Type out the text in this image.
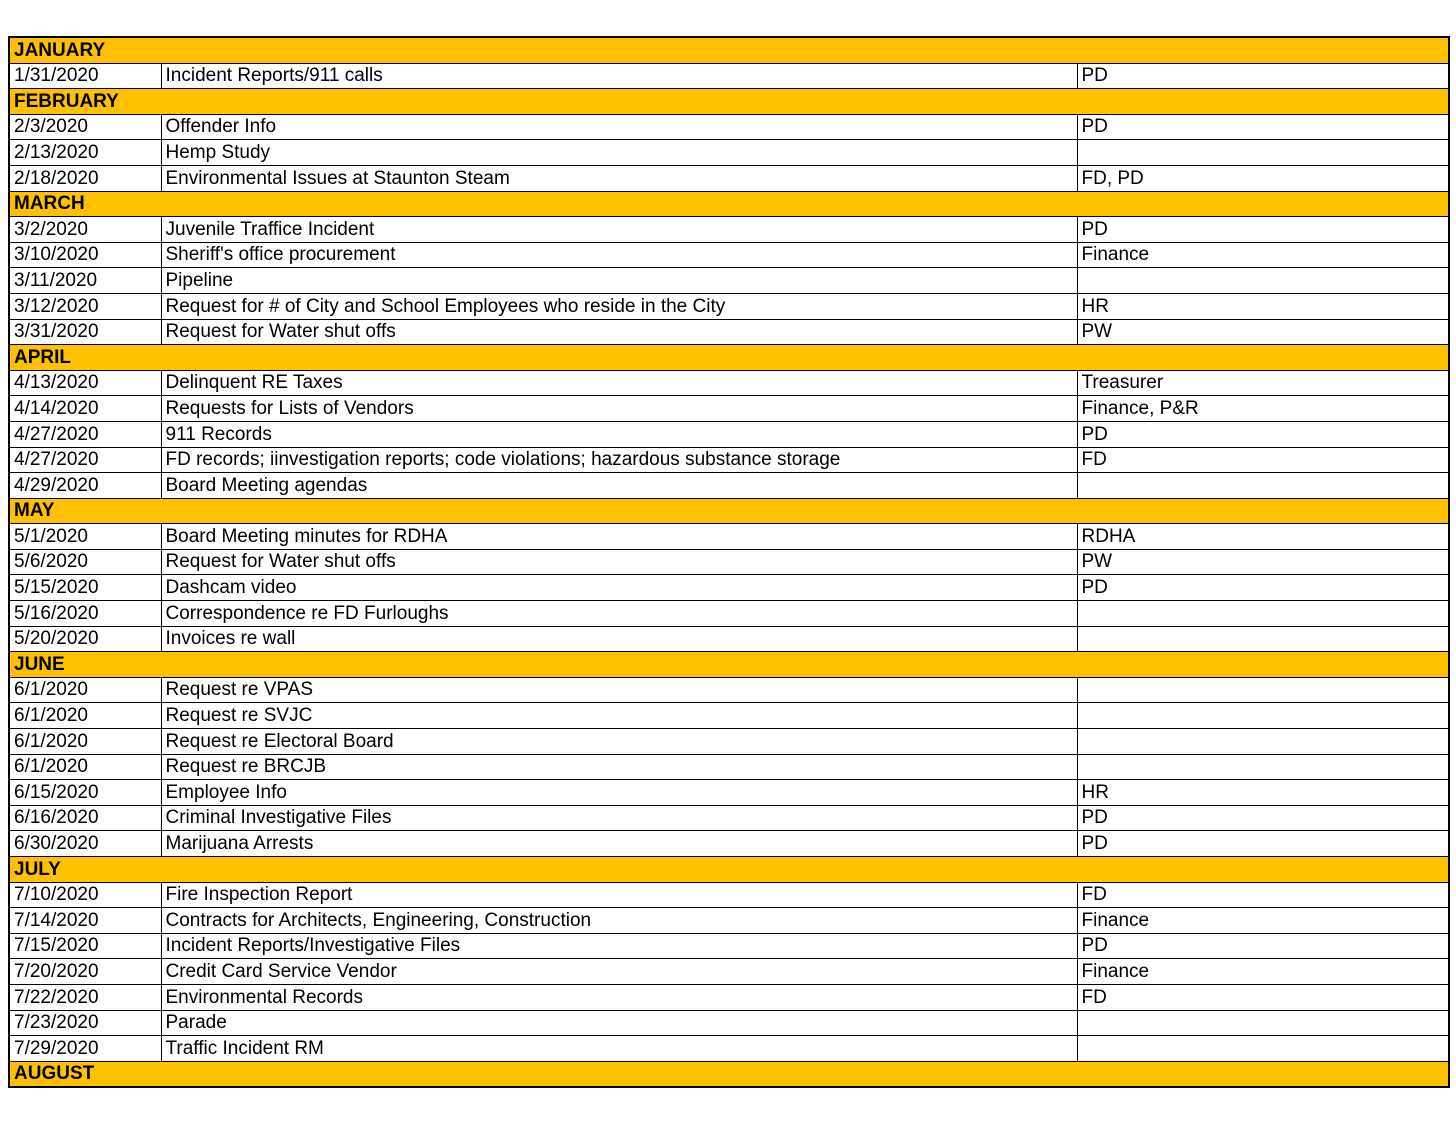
JANUARY		
1/31/2020	Incident Reports/911 calls	PD
FEBRUARY		
2/3/2020	Offender Info	PD
2/13/2020	Hemp Study	
2/18/2020	Environmental Issues at Staunton Steam	FD, PD
MARCH		
3/2/2020	Juvenile Traffice Incident	PD
3/10/2020	Sheriff's office procurement	Finance
3/11/2020	Pipeline	
3/12/2020	Request for # of City and School Employees who reside in the City	HR
3/31/2020	Request for Water shut offs	PW
APRIL		
4/13/2020	Delinquent RE Taxes	Treasurer
4/14/2020	Requests for Lists of Vendors	Finance, P&R
4/27/2020	911 Records	PD
4/27/2020	FD records; iinvestigation reports; code violations; hazardous substance storage	FD
4/29/2020	Board Meeting agendas	
MAY		
5/1/2020	Board Meeting minutes for RDHA	RDHA
5/6/2020	Request for Water shut offs	PW
5/15/2020	Dashcam video	PD
5/16/2020	Correspondence re FD Furloughs	
5/20/2020	Invoices re wall	
JUNE		
6/1/2020	Request re VPAS	
6/1/2020	Request re SVJC	
6/1/2020	Request re Electoral Board	
6/1/2020	Request re BRCJB	
6/15/2020	Employee Info	HR
6/16/2020	Criminal Investigative Files	PD
6/30/2020	Marijuana Arrests	PD
JULY		
7/10/2020	Fire Inspection Report	FD
7/14/2020	Contracts for Architects, Engineering, Construction	Finance
7/15/2020	Incident Reports/Investigative Files	PD
7/20/2020	Credit Card Service Vendor	Finance
7/22/2020	Environmental Records	FD
7/23/2020	Parade	
7/29/2020	Traffic Incident RM	
AUGUST		
